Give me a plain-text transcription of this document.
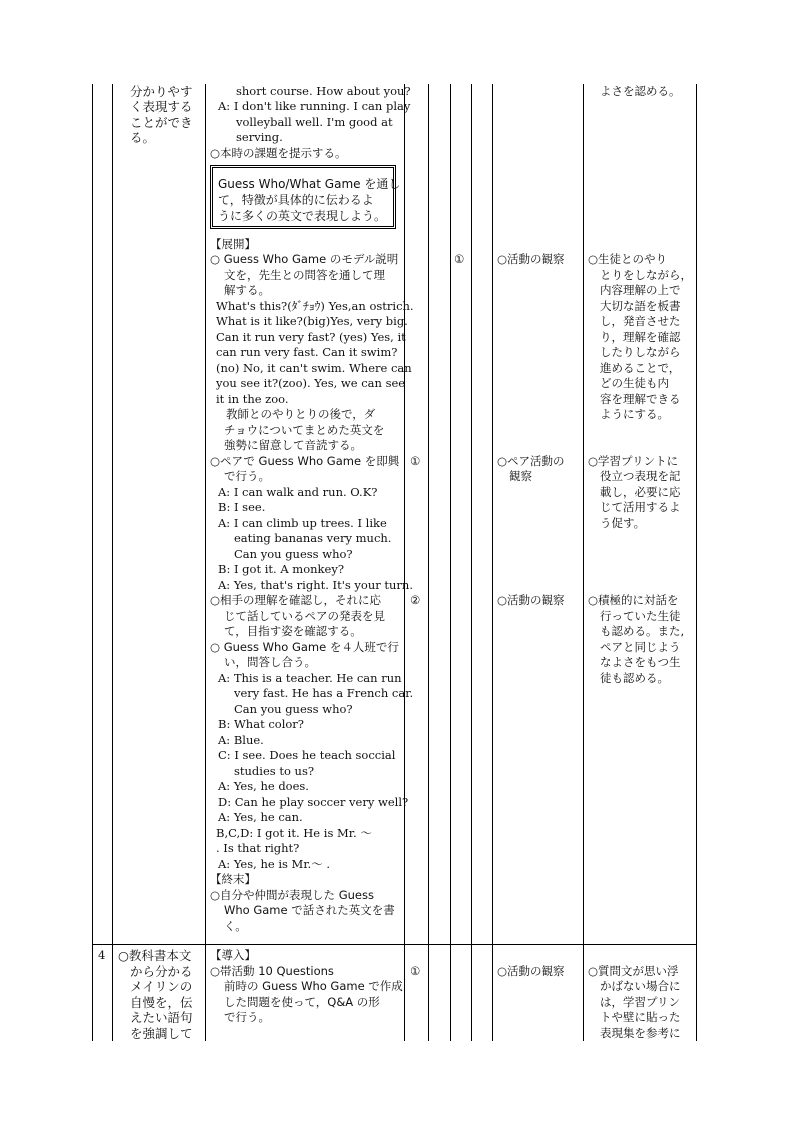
分かりやす
く表現する
ことができ
る。
4 ○教科書本文
から分かる
メイリンの
自慢を，伝
えたい語句
を強調して
short course. How about you?
A: I don't like running. I can play
volleyball well. I'm good at
serving.
○本時の課題を提示する。
Guess Who/What Game を通し
て，特徴が具体的に伝わるよ
うに多くの英文で表現しよう。
【展開】
○ Guess Who Game のモデル説明
文を，先生との問答を通して理
解する。
What's this?(ﾀﾞﾁｮｳ) Yes,an ostrich.
What is it like?(big)Yes, very big.
Can it run very fast? (yes) Yes, it
can run very fast. Can it swim?
(no) No, it can't swim. Where can
you see it?(zoo). Yes, we can see
it in the zoo.
教師とのやりとりの後で，ダ
チョウについてまとめた英文を
強勢に留意して音読する。
○ペアで Guess Who Game を即興
で行う。
A: I can walk and run. O.K?
B: I see.
A: I can climb up trees. I like
eating bananas very much.
Can you guess who?
B: I got it. A monkey?
A: Yes, that's right. It's your turn.
○相手の理解を確認し，それに応
じて話しているペアの発表を見
て，目指す姿を確認する。
○ Guess Who Game を４人班で行
い，問答し合う。
A: This is a teacher. He can run
very fast. He has a French car.
Can you guess who?
B: What color?
A: Blue.
C: I see. Does he teach soccial
studies to us?
A: Yes, he does.
D: Can he play soccer very well?
A: Yes, he can.
B,C,D: I got it. He is Mr. ～
. Is that right?
A: Yes, he is Mr.～ .
【終末】
○自分や仲間が表現した Guess
Who Game で話された英文を書
く。
【導入】
○帯活動 10 Questions
前時の Guess Who Game で作成
した問題を使って，Q&A の形
で行う。
①
①
②
①
○活動の観察
○ペア活動の
観察
○活動の観察
○活動の観察
よさを認める。
○生徒とのやり
とりをしながら，
内容理解の上で
大切な語を板書
し，発音させた
り，理解を確認
したりしながら
進めることで，
どの生徒も内
容を理解できる
ようにする。
○学習プリントに
役立つ表現を記
載し，必要に応
じて活用するよ
う促す。
○積極的に対話を
行っていた生徒
も認める。また,
ペアと同じよう
なよさをもつ生
徒も認める。
○質問文が思い浮
かばない場合に
は，学習プリン
トや壁に貼った
表現集を参考に
